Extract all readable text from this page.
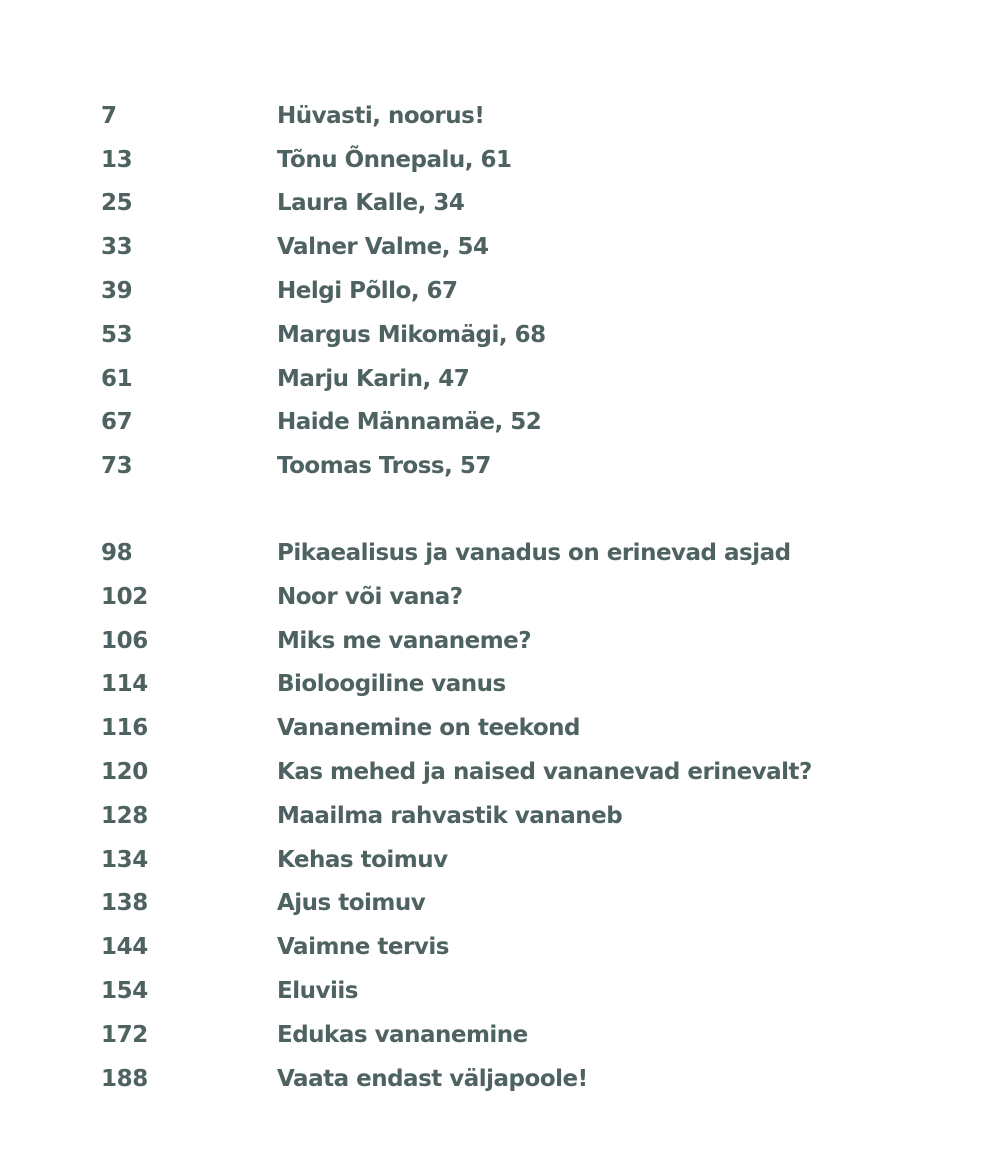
7	Hüvasti, noorus!
13	Tõnu Õnnepalu, 61
25	Laura Kalle, 34
33	Valner Valme, 54
39	Helgi Põllo, 67
53	Margus Mikomägi, 68
61	Marju Karin, 47
67	Haide Männamäe, 52
73	Toomas Tross, 57
98	Pikaealisus ja vanadus on erinevad asjad
102	Noor või vana?
106	Miks me vananeme?
114	Bioloogiline vanus
116	Vananemine on teekond
120	Kas mehed ja naised vananevad erinevalt?
128	Maailma rahvastik vananeb
134	Kehas toimuv
138	Ajus toimuv
144	Vaimne tervis
154	Eluviis
172	Edukas vananemine
188	Vaata endast väljapoole!
